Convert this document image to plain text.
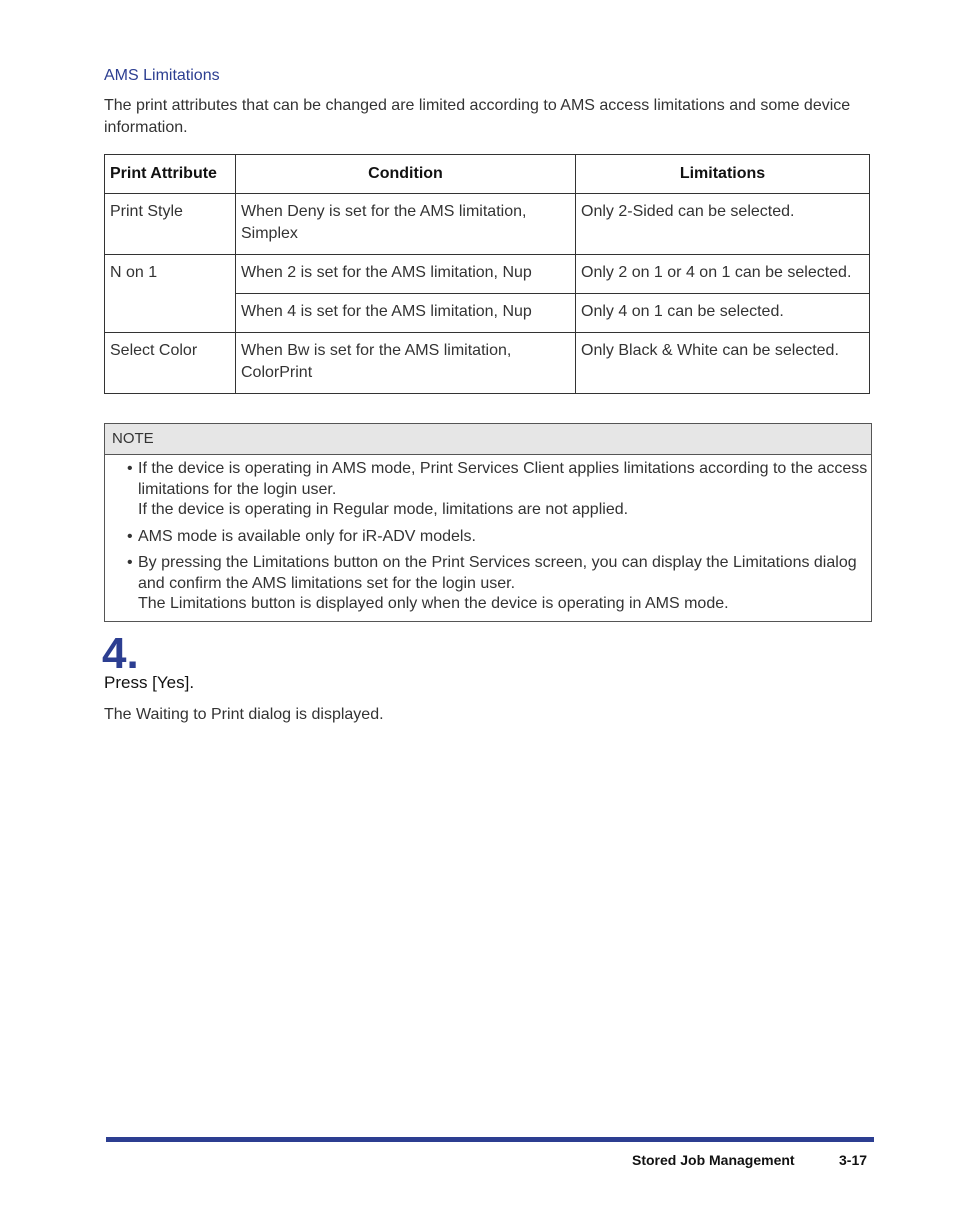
AMS Limitations

The print attributes that can be changed are limited according to AMS access limitations and some device information.

Print Attribute	Condition	Limitations
Print Style	When Deny is set for the AMS limitation, Simplex	Only 2-Sided can be selected.
N on 1	When 2 is set for the AMS limitation, Nup	Only 2 on 1 or 4 on 1 can be selected.
	When 4 is set for the AMS limitation, Nup	Only 4 on 1 can be selected.
Select Color	When Bw is set for the AMS limitation, ColorPrint	Only Black & White can be selected.
NOTE
• If the device is operating in AMS mode, Print Services Client applies limitations according to the access limitations for the login user.
If the device is operating in Regular mode, limitations are not applied.
• AMS mode is available only for iR-ADV models.
• By pressing the Limitations button on the Print Services screen, you can display the Limitations dialog and confirm the AMS limitations set for the login user.
The Limitations button is displayed only when the device is operating in AMS mode.
4.
Press [Yes].
The Waiting to Print dialog is displayed.
Stored Job Management	3-17
